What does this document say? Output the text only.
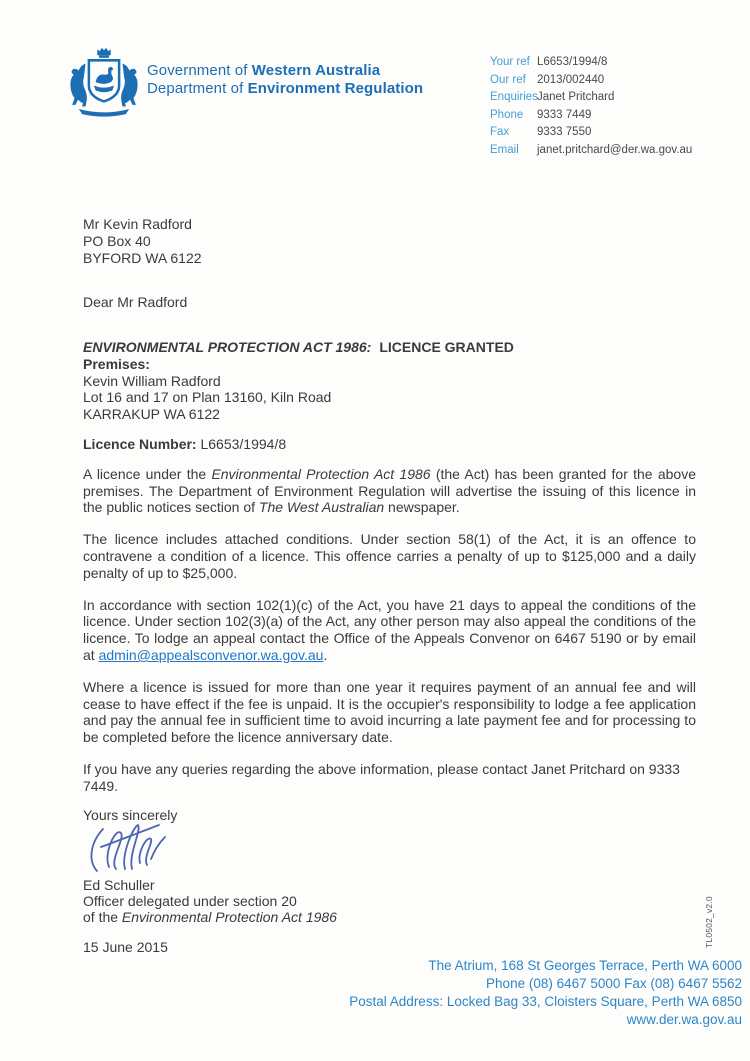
Government of Western Australia
Department of Environment Regulation
Your ref L6653/1994/8
Our ref 2013/002440
Enquiries Janet Pritchard
Phone	9333 7449
Fax	9333 7550
Email	janet.pritchard@der.wa.gov.au
Mr Kevin Radford
PO Box 40
BYFORD WA 6122
Dear Mr Radford
ENVIRONMENTAL PROTECTION ACT 1986: LICENCE GRANTED
Premises:
Kevin William Radford
Lot 16 and 17 on Plan 13160, Kiln Road
KARRAKUP WA 6122
Licence Number: L6653/1994/8

A licence under the Environmental Protection Act 1986 (the Act) has been granted for the above premises. The Department of Environment Regulation will advertise the issuing of this licence in the public notices section of The West Australian newspaper.

The licence includes attached conditions. Under section 58(1) of the Act, it is an offence to contravene a condition of a licence. This offence carries a penalty of up to $125,000 and a daily penalty of up to $25,000.

In accordance with section 102(1)(c) of the Act, you have 21 days to appeal the conditions of the licence. Under section 102(3)(a) of the Act, any other person may also appeal the conditions of the licence. To lodge an appeal contact the Office of the Appeals Convenor on 6467 5190 or by email at admin@appealsconvenor.wa.gov.au.

Where a licence is issued for more than one year it requires payment of an annual fee and will cease to have effect if the fee is unpaid. It is the occupier's responsibility to lodge a fee application and pay the annual fee in sufficient time to avoid incurring a late payment fee and for processing to be completed before the licence anniversary date.

If you have any queries regarding the above information, please contact Janet Pritchard on 9333 7449.

Yours sincerely
Ed Schuller
Officer delegated under section 20
of the Environmental Protection Act 1986
15 June 2015
The Atrium, 168 St Georges Terrace, Perth WA 6000
Phone (08) 6467 5000 Fax (08) 6467 5562
Postal Address: Locked Bag 33, Cloisters Square, Perth WA 6850
www.der.wa.gov.au
TL0502_v2.0
